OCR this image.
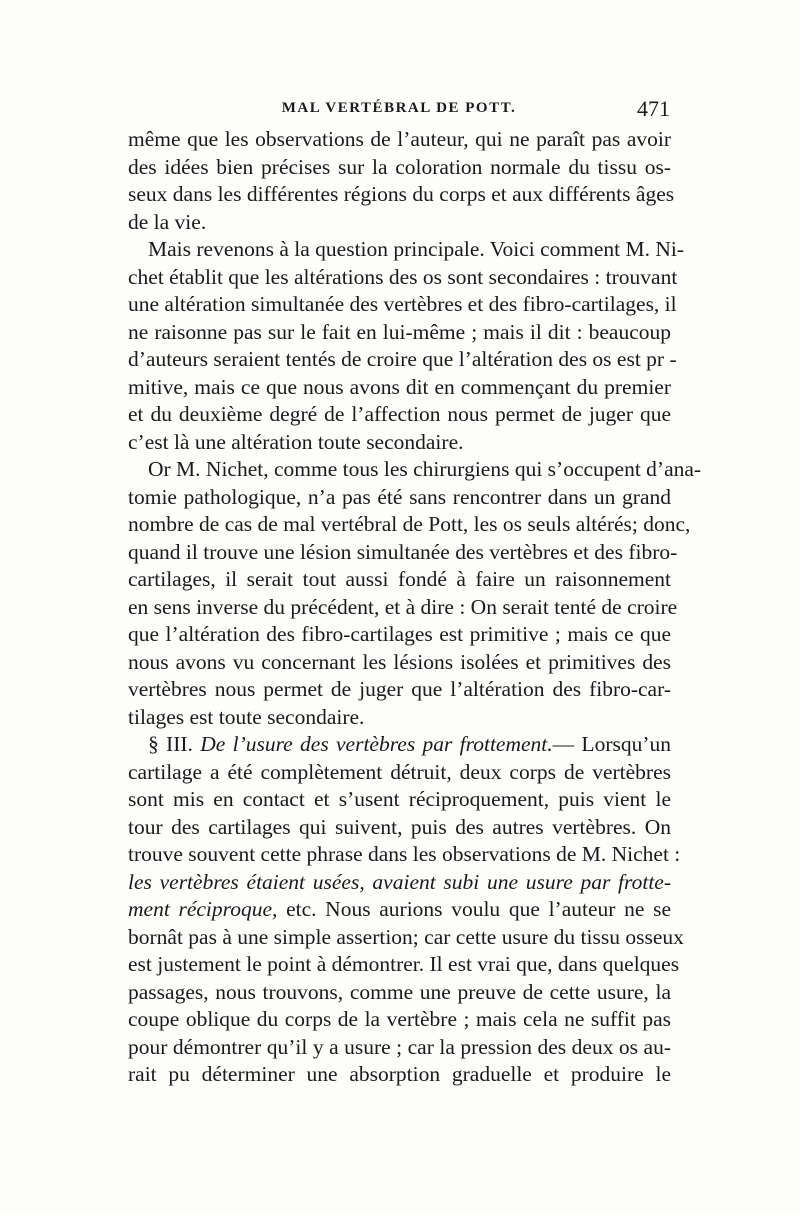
MAL VERTÉBRAL DE POTT.	471
même que les observations de l’auteur, qui ne paraît pas avoir
des idées bien précises sur la coloration normale du tissu os-
seux dans les différentes régions du corps et aux différents âges
de la vie.
Mais revenons à la question principale. Voici comment M. Ni-
chet établit que les altérations des os sont secondaires : trouvant
une altération simultanée des vertèbres et des fibro-cartilages, il
ne raisonne pas sur le fait en lui-même ; mais il dit : beaucoup
d’auteurs seraient tentés de croire que l’altération des os est pr -
mitive, mais ce que nous avons dit en commençant du premier
et du deuxième degré de l’affection nous permet de juger que
c’est là une altération toute secondaire.
Or M. Nichet, comme tous les chirurgiens qui s’occupent d’ana-
tomie pathologique, n’a pas été sans rencontrer dans un grand
nombre de cas de mal vertébral de Pott, les os seuls altérés; donc,
quand il trouve une lésion simultanée des vertèbres et des fibro-
cartilages, il serait tout aussi fondé à faire un raisonnement
en sens inverse du précédent, et à dire : On serait tenté de croire
que l’altération des fibro-cartilages est primitive ; mais ce que
nous avons vu concernant les lésions isolées et primitives des
vertèbres nous permet de juger que l’altération des fibro-car-
tilages est toute secondaire.
§ III. De l’usure des vertèbres par frottement.— Lorsqu’un
cartilage a été complètement détruit, deux corps de vertèbres
sont mis en contact et s’usent réciproquement, puis vient le
tour des cartilages qui suivent, puis des autres vertèbres. On
trouve souvent cette phrase dans les observations de M. Nichet :
les vertèbres étaient usées, avaient subi une usure par frotte-
ment réciproque, etc. Nous aurions voulu que l’auteur ne se
bornât pas à une simple assertion; car cette usure du tissu osseux
est justement le point à démontrer. Il est vrai que, dans quelques
passages, nous trouvons, comme une preuve de cette usure, la
coupe oblique du corps de la vertèbre ; mais cela ne suffit pas
pour démontrer qu’il y a usure ; car la pression des deux os au-
rait pu déterminer une absorption graduelle et produire le
